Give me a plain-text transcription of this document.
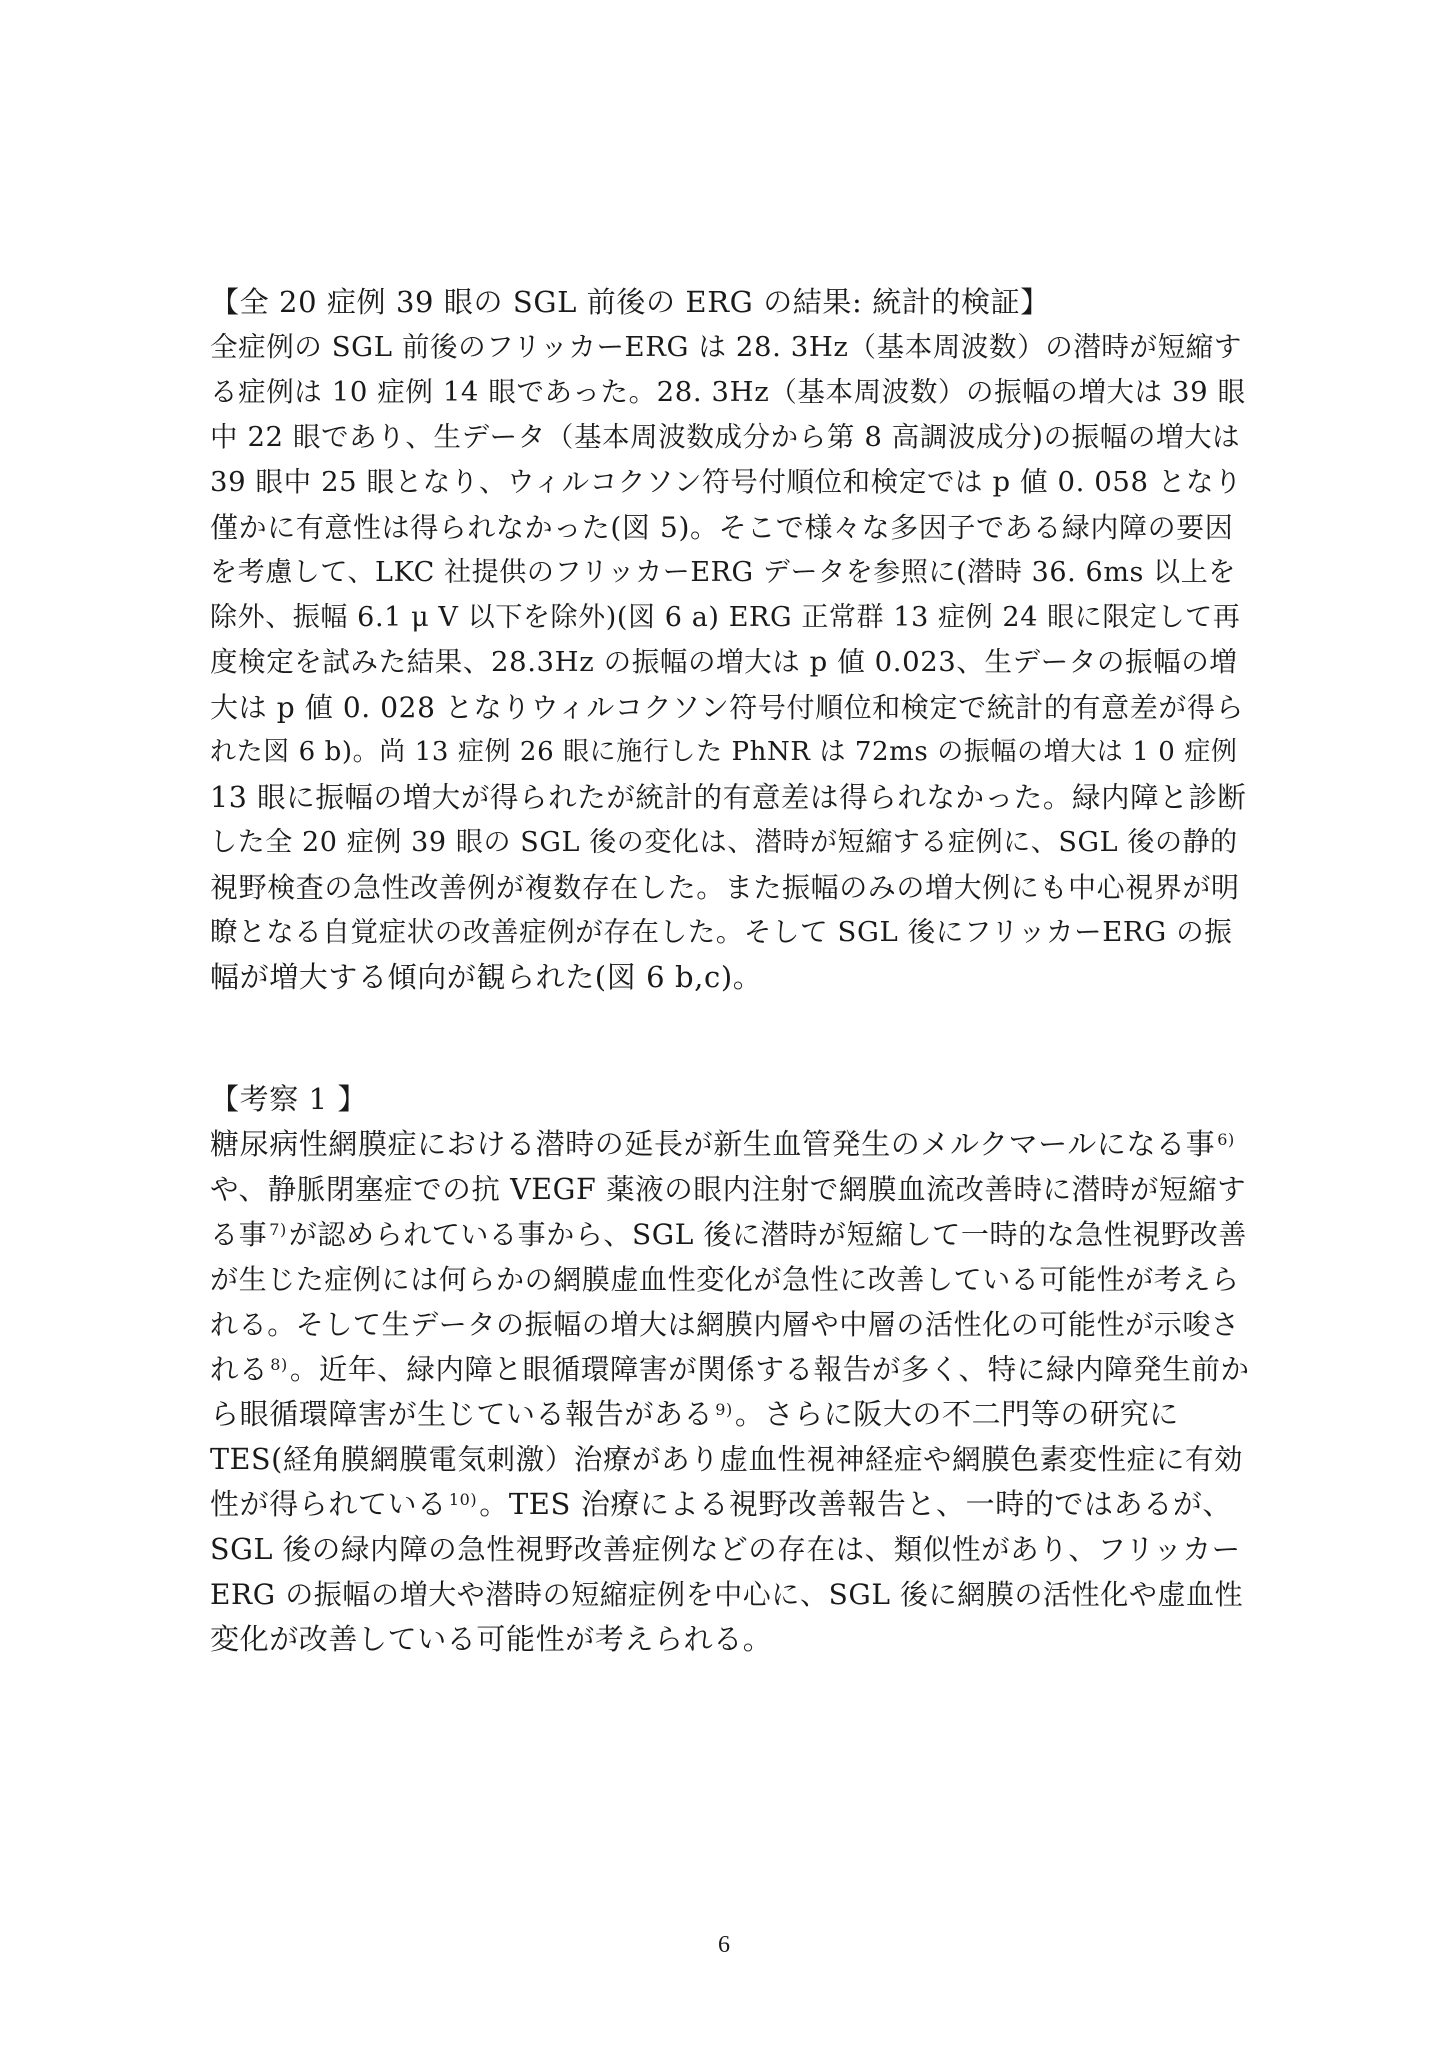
【全 20 症例 39 眼の SGL 前後の ERG の結果: 統計的検証】
全症例の SGL 前後のフリッカーERG は 28. 3Hz（基本周波数）の潜時が短縮す
る症例は 10 症例 14 眼であった。28. 3Hz（基本周波数）の振幅の増大は 39 眼
中 22 眼であり、生データ（基本周波数成分から第 8 高調波成分)の振幅の増大は
39 眼中 25 眼となり、ウィルコクソン符号付順位和検定では p 値 0. 058 となり
僅かに有意性は得られなかった(図 5)。そこで様々な多因子である緑内障の要因
を考慮して、LKC 社提供のフリッカーERG データを参照に(潜時 36. 6ms 以上を
除外、振幅 6.1 μ V 以下を除外)(図 6 a) ERG 正常群 13 症例 24 眼に限定して再
度検定を試みた結果、28.3Hz の振幅の増大は p 値 0.023、生データの振幅の増
大は p 値 0. 028 となりウィルコクソン符号付順位和検定で統計的有意差が得ら
れた図 6 b)。尚 13 症例 26 眼に施行した PhNR は 72ms の振幅の増大は 1 0 症例
13 眼に振幅の増大が得られたが統計的有意差は得られなかった。緑内障と診断
した全 20 症例 39 眼の SGL 後の変化は、潜時が短縮する症例に、SGL 後の静的
視野検査の急性改善例が複数存在した。また振幅のみの増大例にも中心視界が明
瞭となる自覚症状の改善症例が存在した。そして SGL 後にフリッカーERG の振
幅が増大する傾向が観られた(図 6 b,c)。
【考察 1 】
糖尿病性網膜症における潜時の延長が新生血管発生のメルクマールになる事 $^{6)}$
や、静脈閉塞症での抗 VEGF 薬液の眼内注射で網膜血流改善時に潜時が短縮す
る事 $^{7)}$が認められている事から、SGL 後に潜時が短縮して一時的な急性視野改善
が生じた症例には何らかの網膜虚血性変化が急性に改善している可能性が考えら
れる。そして生データの振幅の増大は網膜内層や中層の活性化の可能性が示唆さ
れる $^{8)}$。近年、緑内障と眼循環障害が関係する報告が多く、特に緑内障発生前か
ら眼循環障害が生じている報告がある $^{9)}$。さらに阪大の不二門等の研究に
TES(経角膜網膜電気刺激）治療があり虚血性視神経症や網膜色素変性症に有効
性が得られている $^{10)}$。TES 治療による視野改善報告と、一時的ではあるが、
SGL 後の緑内障の急性視野改善症例などの存在は、類似性があり、フリッカー
ERG の振幅の増大や潜時の短縮症例を中心に、SGL 後に網膜の活性化や虚血性
変化が改善している可能性が考えられる。
6
